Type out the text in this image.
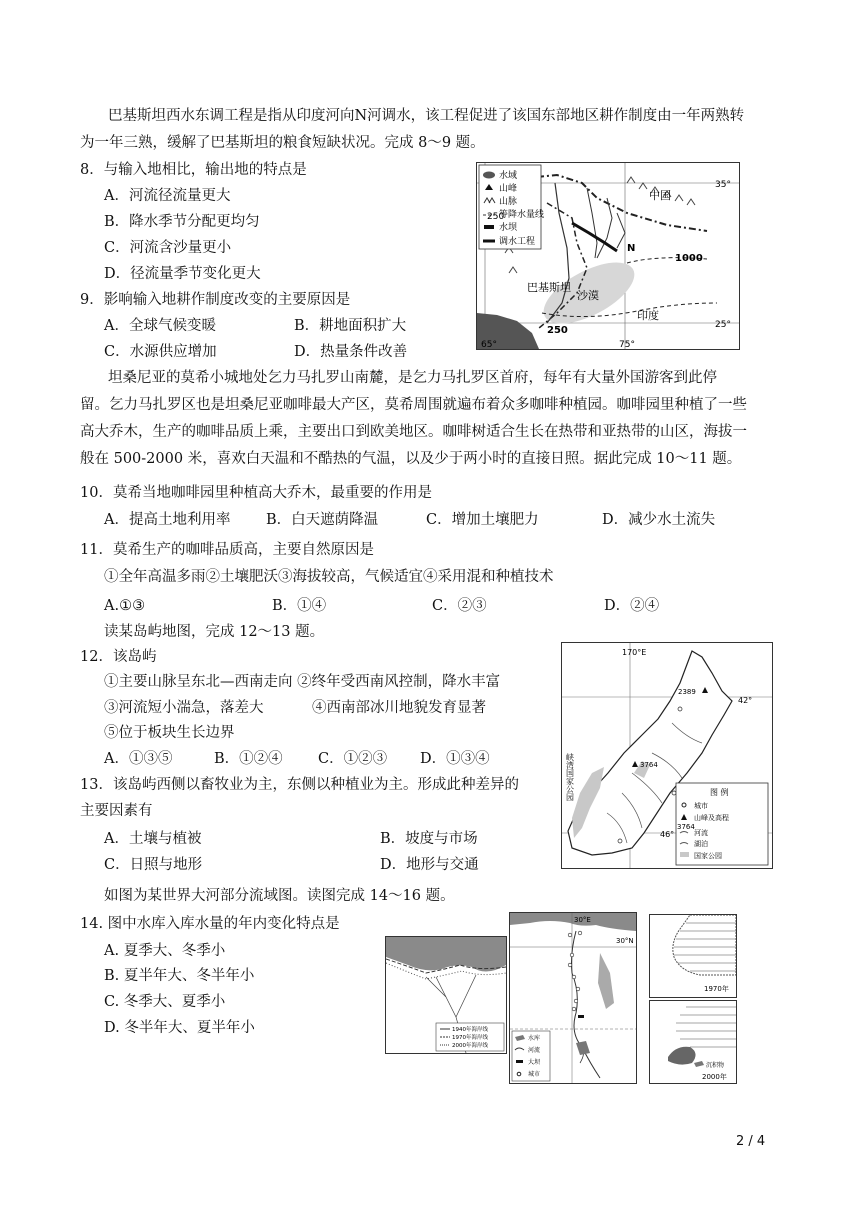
巴基斯坦西水东调工程是指从印度河向N河调水，该工程促进了该国东部地区耕作制度由一年两熟转
为一年三熟，缓解了巴基斯坦的粮食短缺状况。完成 8～9 题。
8．与输入地相比，输出地的特点是
A．河流径流量更大
B．降水季节分配更均匀
C．河流含沙量更小
D．径流量季节变化更大
9．影响输入地耕作制度改变的主要原因是
A．全球气候变暖	B．耕地面积扩大
C．水源供应增加	D．热量条件改善
水域
山峰
山脉
等降水量线
水坝
调水工程
中国
巴基斯坦
印度
沙漠
N
1000
250
250
35°
25°
65°	75°
坦桑尼亚的莫希小城地处乞力马扎罗山南麓，是乞力马扎罗区首府，每年有大量外国游客到此停
留。乞力马扎罗区也是坦桑尼亚咖啡最大产区，莫希周围就遍布着众多咖啡种植园。咖啡园里种植了一些
高大乔木，生产的咖啡品质上乘，主要出口到欧美地区。咖啡树适合生长在热带和亚热带的山区，海拔一
般在 500-2000 米，喜欢白天温和不酷热的气温，以及少于两小时的直接日照。据此完成 10～11 题。
10．莫希当地咖啡园里种植高大乔木，最重要的作用是
A．提高土地利用率 B．白天遮荫降温	C．增加土壤肥力	D．减少水土流失
11．莫希生产的咖啡品质高，主要自然原因是
①全年高温多雨②土壤肥沃③海拔较高，气候适宜④采用混和种植技术
A.①③	B．①④	C．②③	D．②④
读某岛屿地图，完成 12～13 题。
12．该岛屿
①主要山脉呈东北—西南走向 ②终年受西南风控制，降水丰富
③河流短小湍急，落差大	④西南部冰川地貌发育显著
⑤位于板块生长边界
A．①③⑤	B．①②④ C．①②③ D．①③④
13．该岛屿西侧以畜牧业为主，东侧以种植业为主。形成此种差异的
主要因素有
A．土壤与植被	B．坡度与市场
C．日照与地形	D．地形与交通
2389
3764
170°E
42°
46°
峡湾国家公园	图 例
城市
山峰及高程
3764
河流
湖泊
国家公园
如图为某世界大河部分流域图。读图完成 14～16 题。
14. 图中水库入库水量的年内变化特点是
A. 夏季大、冬季小
B. 夏半年大、冬半年小
C. 冬季大、夏季小
D. 冬半年大、夏半年小	1940年海岸线
1970年海岸线
2000年海岸线
30°E
30°N
水库
河流
大坝
城市
1970年
沉积物
2000年
2 / 4
